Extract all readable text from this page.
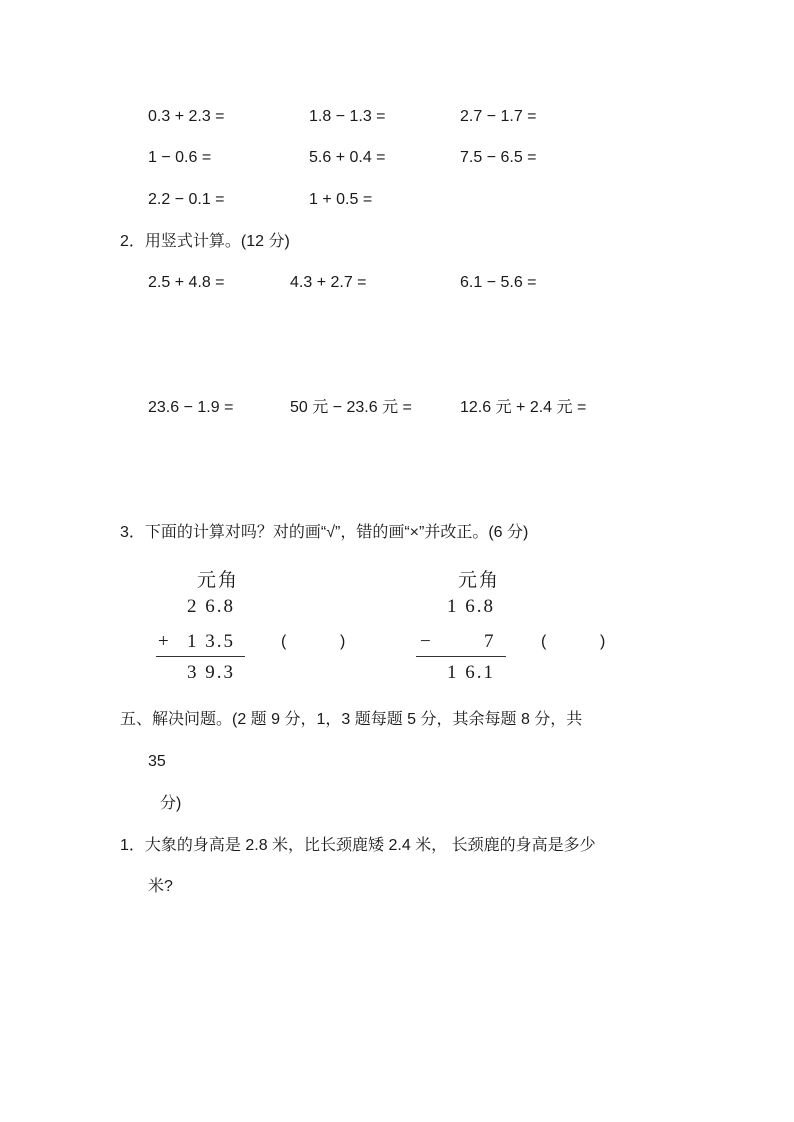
0.3 + 2.3 =	1.8 − 1.3 =	2.7 − 1.7 =
1 − 0.6 =	5.6 + 0.4 =	7.5 − 6.5 =
2.2 − 0.1 =	1 + 0.5 =
2．用竖式计算。(12 分)
2.5 + 4.8 =	4.3 + 2.7 =	6.1 − 5.6 =
23.6 − 1.9 =	50 元 − 23.6 元 =	12.6 元 + 2.4 元 =
3．下面的计算对吗？对的画“√”，错的画“×”并改正。(6 分)
元角
2 6.8
+ 1 3.5
3 9.3
(	)
元角
1 6.8
−	7
1 6.1
(	)
五、解决问题。(2 题 9 分，1，3 题每题 5 分，其余每题 8 分，共
35
分)
1．大象的身高是 2.8 米，比长颈鹿矮 2.4 米， 长颈鹿的身高是多少
米?
